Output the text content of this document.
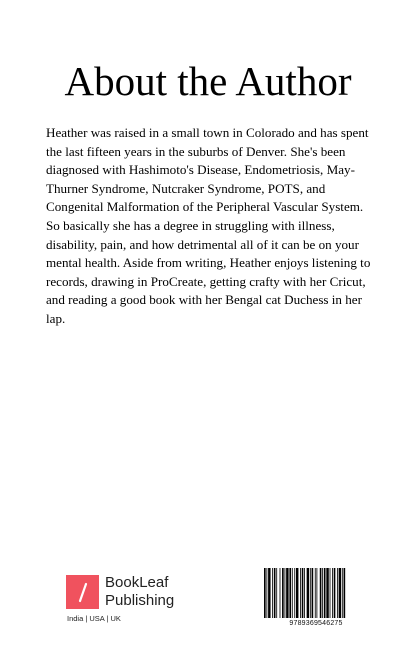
About the Author

Heather was raised in a small town in Colorado and has spent the last fifteen years in the suburbs of Denver. She's been diagnosed with Hashimoto's Disease, Endometriosis, May-Thurner Syndrome, Nutcraker Syndrome, POTS, and Congenital Malformation of the Peripheral Vascular System. So basically she has a degree in struggling with illness, disability, pain, and how detrimental all of it can be on your mental health. Aside from writing, Heather enjoys listening to records, drawing in ProCreate, getting crafty with her Cricut, and reading a good book with her Bengal cat Duchess in her lap.

BookLeaf
Publishing
India | USA | UK
9789369546275
